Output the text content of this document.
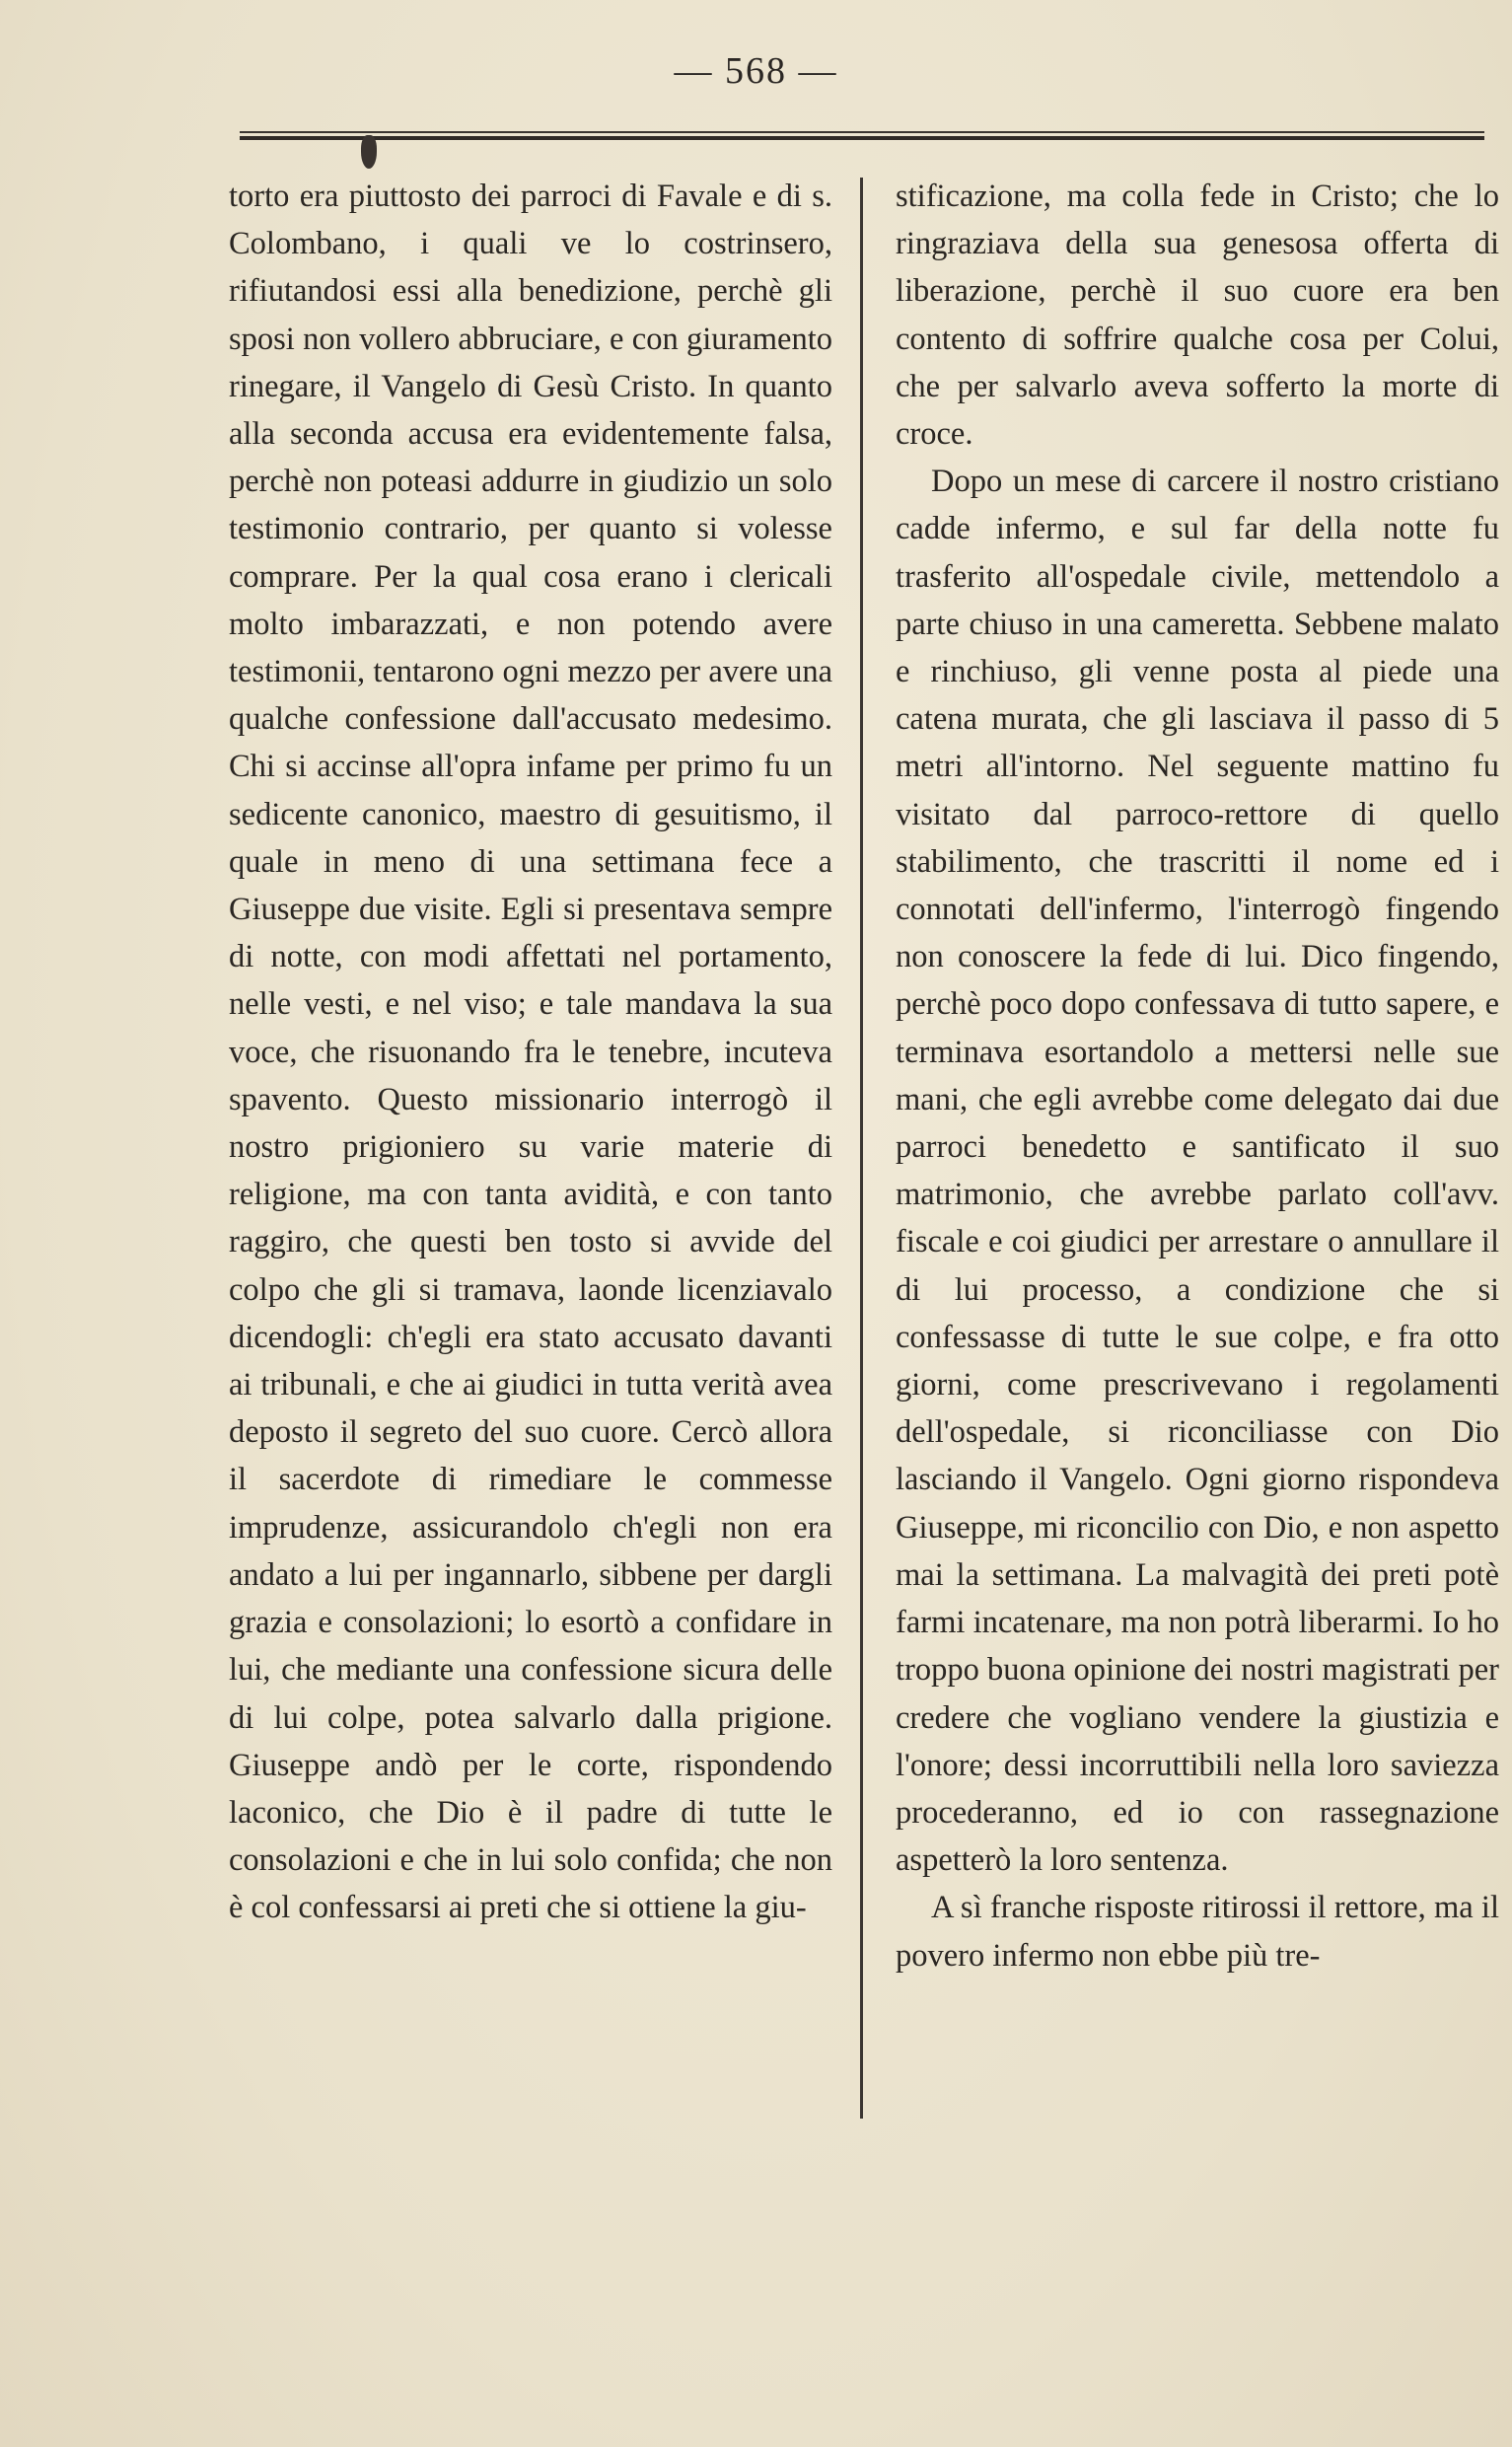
— 568 —

torto era piuttosto dei parroci di Favale e di s. Colombano, i quali ve lo costrinsero, rifiutandosi essi alla benedizione, perchè gli sposi non vollero abbruciare, e con giuramento rinegare, il Vangelo di Gesù Cristo. In quanto alla seconda accusa era evidentemente falsa, perchè non poteasi addurre in giudizio un solo testimonio contrario, per quanto si volesse comprare. Per la qual cosa erano i clericali molto imbarazzati, e non potendo avere testimonii, tentarono ogni mezzo per avere una qualche confessione dall'accusato medesimo. Chi si accinse all'opra infame per primo fu un sedicente canonico, maestro di gesuitismo, il quale in meno di una settimana fece a Giuseppe due visite. Egli si presentava sempre di notte, con modi affettati nel portamento, nelle vesti, e nel viso; e tale mandava la sua voce, che risuonando fra le tenebre, incuteva spavento. Questo missionario interrogò il nostro prigioniero su varie materie di religione, ma con tanta avidità, e con tanto raggiro, che questi ben tosto si avvide del colpo che gli si tramava, laonde licenziavalo dicendogli: ch'egli era stato accusato davanti ai tribunali, e che ai giudici in tutta verità avea deposto il segreto del suo cuore. Cercò allora il sacerdote di rimediare le commesse imprudenze, assicurandolo ch'egli non era andato a lui per ingannarlo, sibbene per dargli grazia e consolazioni; lo esortò a confidare in lui, che mediante una confessione sicura delle di lui colpe, potea salvarlo dalla prigione. Giuseppe andò per le corte, rispondendo laconico, che Dio è il padre di tutte le consolazioni e che in lui solo confida; che non è col confessarsi ai preti che si ottiene la giu-

stificazione, ma colla fede in Cristo; che lo ringraziava della sua genesosa offerta di liberazione, perchè il suo cuore era ben contento di soffrire qualche cosa per Colui, che per salvarlo aveva sofferto la morte di croce.

Dopo un mese di carcere il nostro cristiano cadde infermo, e sul far della notte fu trasferito all'ospedale civile, mettendolo a parte chiuso in una cameretta. Sebbene malato e rinchiuso, gli venne posta al piede una catena murata, che gli lasciava il passo di 5 metri all'intorno. Nel seguente mattino fu visitato dal parroco-rettore di quello stabilimento, che trascritti il nome ed i connotati dell'infermo, l'interrogò fingendo non conoscere la fede di lui. Dico fingendo, perchè poco dopo confessava di tutto sapere, e terminava esortandolo a mettersi nelle sue mani, che egli avrebbe come delegato dai due parroci benedetto e santificato il suo matrimonio, che avrebbe parlato coll'avv. fiscale e coi giudici per arrestare o annullare il di lui processo, a condizione che si confessasse di tutte le sue colpe, e fra otto giorni, come prescrivevano i regolamenti dell'ospedale, si riconciliasse con Dio lasciando il Vangelo. Ogni giorno rispondeva Giuseppe, mi riconcilio con Dio, e non aspetto mai la settimana. La malvagità dei preti potè farmi incatenare, ma non potrà liberarmi. Io ho troppo buona opinione dei nostri magistrati per credere che vogliano vendere la giustizia e l'onore; dessi incorruttibili nella loro saviezza procederanno, ed io con rassegnazione aspetterò la loro sentenza.

A sì franche risposte ritirossi il rettore, ma il povero infermo non ebbe più tre-
